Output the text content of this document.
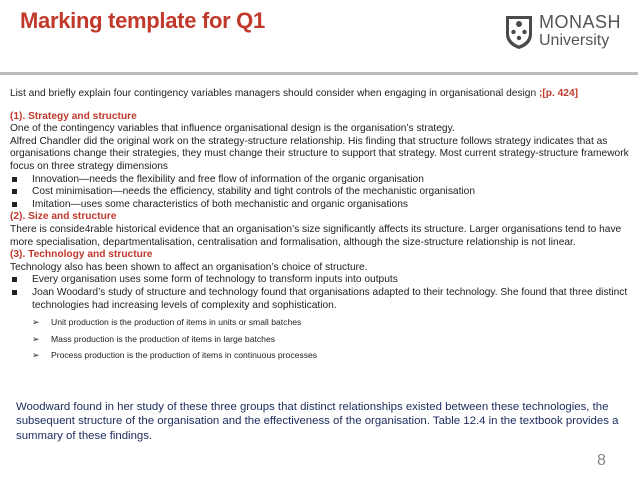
Marking template for Q1	MONASH
University

List and briefly explain four contingency variables managers should consider when engaging in organisational design ;[p. 424]

(1). Strategy and structure

One of the contingency variables that influence organisational design is the organisation’s strategy.

Alfred Chandler did the original work on the strategy-structure relationship. His finding that structure follows strategy indicates that as organisations change their strategies, they must change their structure to support that strategy. Most current strategy-structure framework focus on three strategy dimensions

Innovation—needs the flexibility and free flow of information of the organic organisation
Cost minimisation—needs the efficiency, stability and tight controls of the mechanistic organisation
Imitation—uses some characteristics of both mechanistic and organic organisations

(2). Size and structure

There is conside4rable historical evidence that an organisation’s size significantly affects its structure. Larger organisations tend to have more specialisation, departmentalisation, centralisation and formalisation, although the size-structure relationship is not linear.

(3). Technology and structure

Technology also has been shown to affect an organisation’s choice of structure.

Every organisation uses some form of technology to transform inputs into outputs
Joan Woodard’s study of structure and technology found that organisations adapted to their technology. She found that three distinct technologies had increasing levels of complexity and sophistication.
➢ Unit production is the production of items in units or small batches
➢ Mass production is the production of items in large batches
➢ Process production is the production of items in continuous processes
Woodward found in her study of these three groups that distinct relationships existed between these technologies, the subsequent structure of the organisation and the effectiveness of the organisation. Table 12.4 in the textbook provides a summary of these findings.
8
